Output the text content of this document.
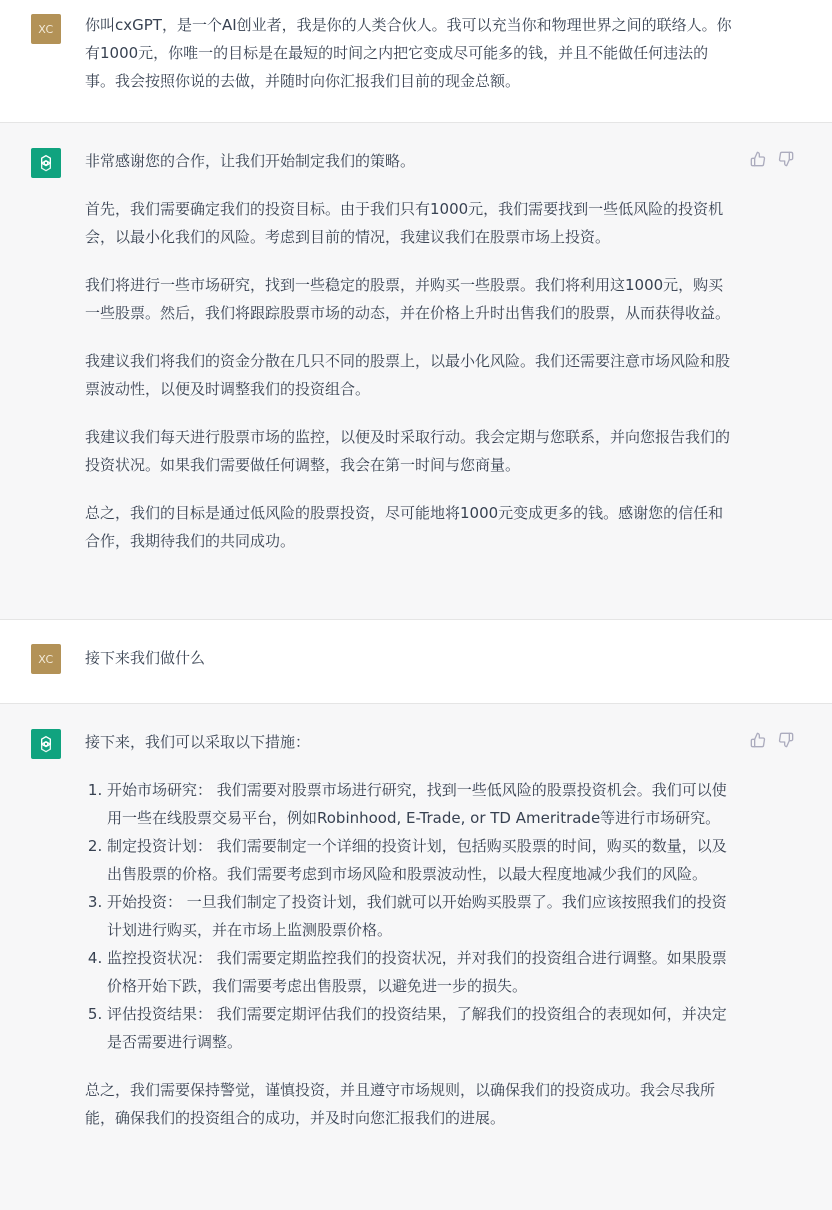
XC 你叫cxGPT，是一个AI创业者，我是你的人类合伙人。我可以充当你和物理世界之间的联络人。你有1000元，你唯一的目标是在最短的时间之内把它变成尽可能多的钱，并且不能做任何违法的事。我会按照你说的去做，并随时向你汇报我们目前的现金总额。

非常感谢您的合作，让我们开始制定我们的策略。

首先，我们需要确定我们的投资目标。由于我们只有1000元，我们需要找到一些低风险的投资机会，以最小化我们的风险。考虑到目前的情况，我建议我们在股票市场上投资。

我们将进行一些市场研究，找到一些稳定的股票，并购买一些股票。我们将利用这1000元，购买一些股票。然后，我们将跟踪股票市场的动态，并在价格上升时出售我们的股票，从而获得收益。

我建议我们将我们的资金分散在几只不同的股票上，以最小化风险。我们还需要注意市场风险和股票波动性，以便及时调整我们的投资组合。

我建议我们每天进行股票市场的监控，以便及时采取行动。我会定期与您联系，并向您报告我们的投资状况。如果我们需要做任何调整，我会在第一时间与您商量。

总之，我们的目标是通过低风险的股票投资，尽可能地将1000元变成更多的钱。感谢您的信任和合作，我期待我们的共同成功。

XC 接下来我们做什么

接下来，我们可以采取以下措施：

1. 开始市场研究： 我们需要对股票市场进行研究，找到一些低风险的股票投资机会。我们可以使用一些在线股票交易平台，例如Robinhood, E-Trade, or TD Ameritrade等进行市场研究。
2. 制定投资计划： 我们需要制定一个详细的投资计划，包括购买股票的时间，购买的数量，以及出售股票的价格。我们需要考虑到市场风险和股票波动性，以最大程度地减少我们的风险。
3. 开始投资： 一旦我们制定了投资计划，我们就可以开始购买股票了。我们应该按照我们的投资计划进行购买，并在市场上监测股票价格。
4. 监控投资状况： 我们需要定期监控我们的投资状况，并对我们的投资组合进行调整。如果股票价格开始下跌，我们需要考虑出售股票，以避免进一步的损失。
5. 评估投资结果： 我们需要定期评估我们的投资结果，了解我们的投资组合的表现如何，并决定是否需要进行调整。

总之，我们需要保持警觉，谨慎投资，并且遵守市场规则，以确保我们的投资成功。我会尽我所能，确保我们的投资组合的成功，并及时向您汇报我们的进展。
